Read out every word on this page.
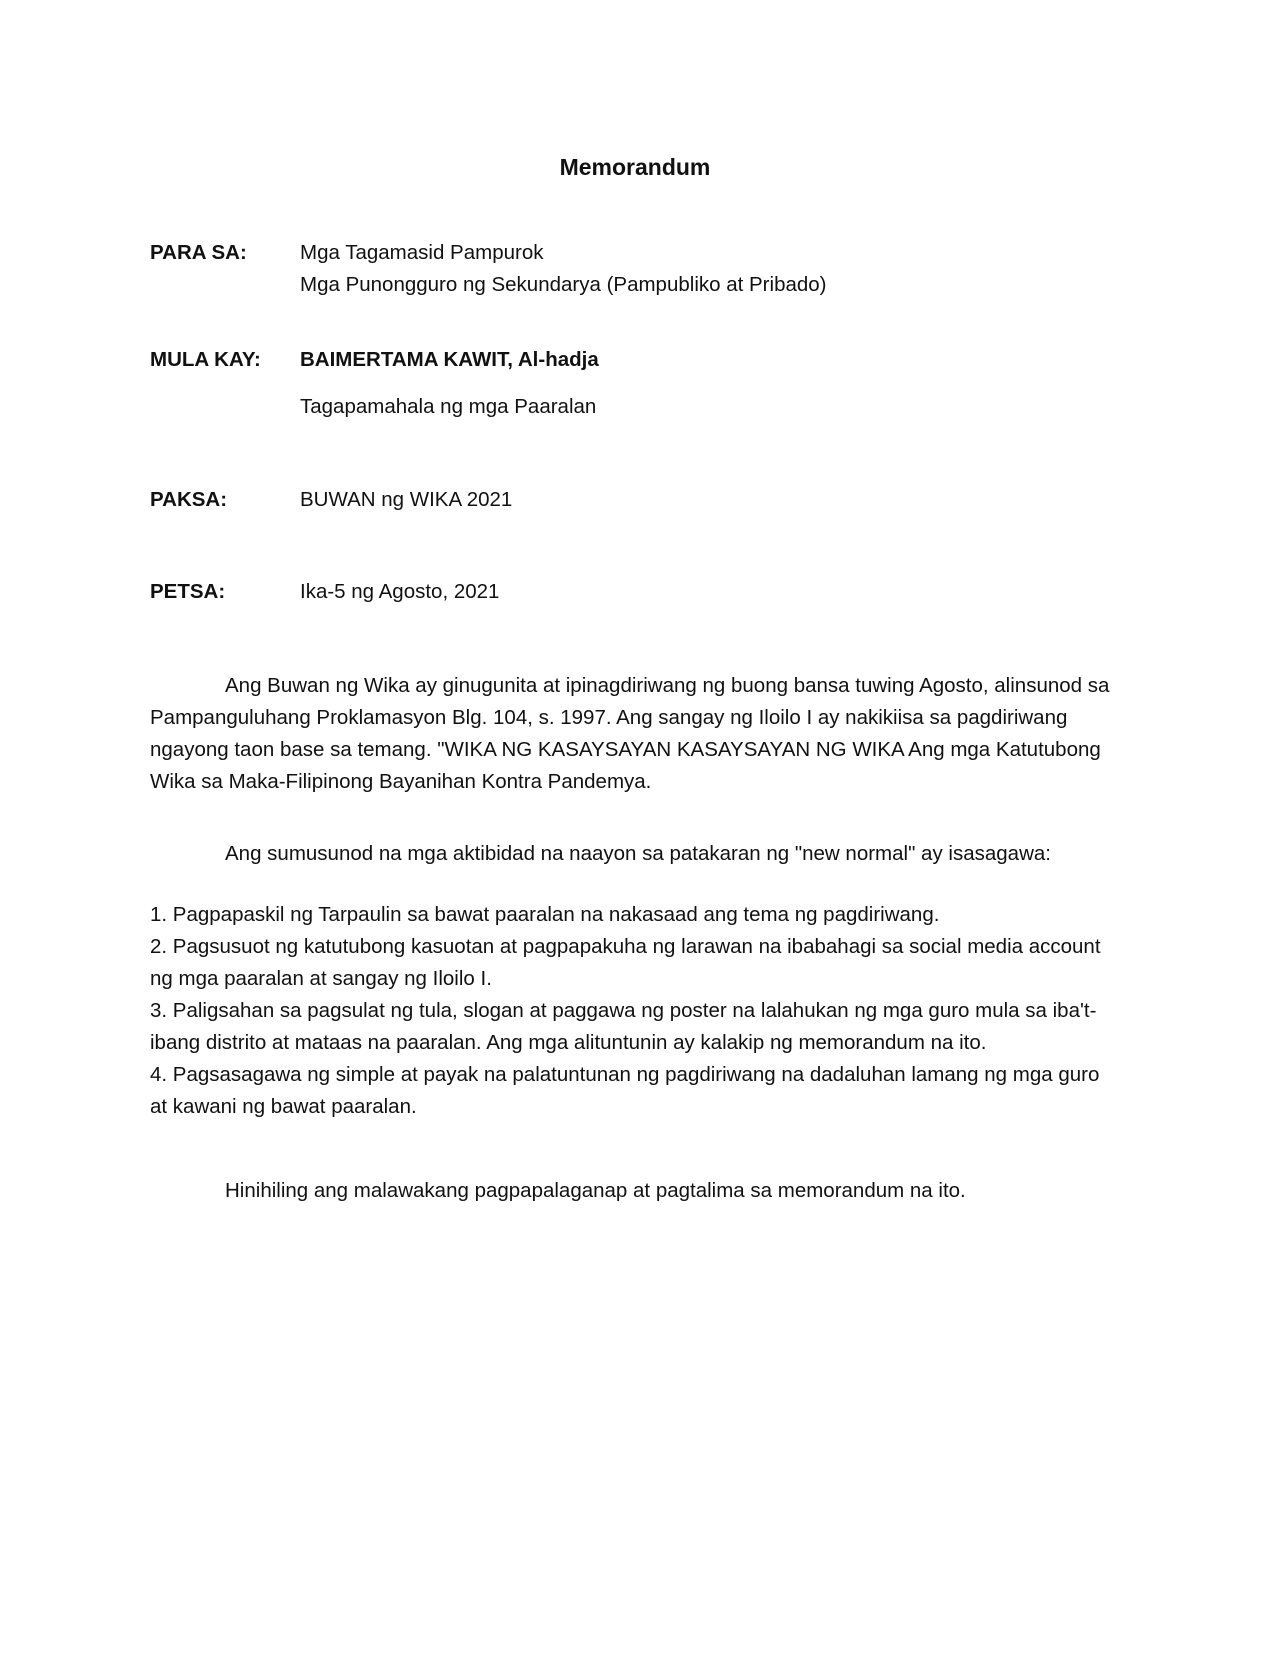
Memorandum
PARA SA:	Mga Tagamasid Pampurok
Mga Punongguro ng Sekundarya (Pampubliko at Pribado)
MULA KAY: BAIMERTAMA KAWIT, Al-hadja
Tagapamahala ng mga Paaralan
PAKSA:	BUWAN ng WIKA 2021
PETSA:	Ika-5 ng Agosto, 2021

Ang Buwan ng Wika ay ginugunita at ipinagdiriwang ng buong bansa tuwing Agosto, alinsunod sa Pampanguluhang Proklamasyon Blg. 104, s. 1997. Ang sangay ng Iloilo I ay nakikiisa sa pagdiriwang ngayong taon base sa temang. "WIKA NG KASAYSAYAN KASAYSAYAN NG WIKA Ang mga Katutubong Wika sa Maka-Filipinong Bayanihan Kontra Pandemya.

Ang sumusunod na mga aktibidad na naayon sa patakaran ng "new normal" ay isasagawa:

1. Pagpapaskil ng Tarpaulin sa bawat paaralan na nakasaad ang tema ng pagdiriwang.
2. Pagsusuot ng katutubong kasuotan at pagpapakuha ng larawan na ibabahagi sa social media account ng mga paaralan at sangay ng Iloilo I.
3. Paligsahan sa pagsulat ng tula, slogan at paggawa ng poster na lalahukan ng mga guro mula sa iba't-ibang distrito at mataas na paaralan. Ang mga alituntunin ay kalakip ng memorandum na ito.
4. Pagsasagawa ng simple at payak na palatuntunan ng pagdiriwang na dadaluhan lamang ng mga guro at kawani ng bawat paaralan.

Hinihiling ang malawakang pagpapalaganap at pagtalima sa memorandum na ito.
